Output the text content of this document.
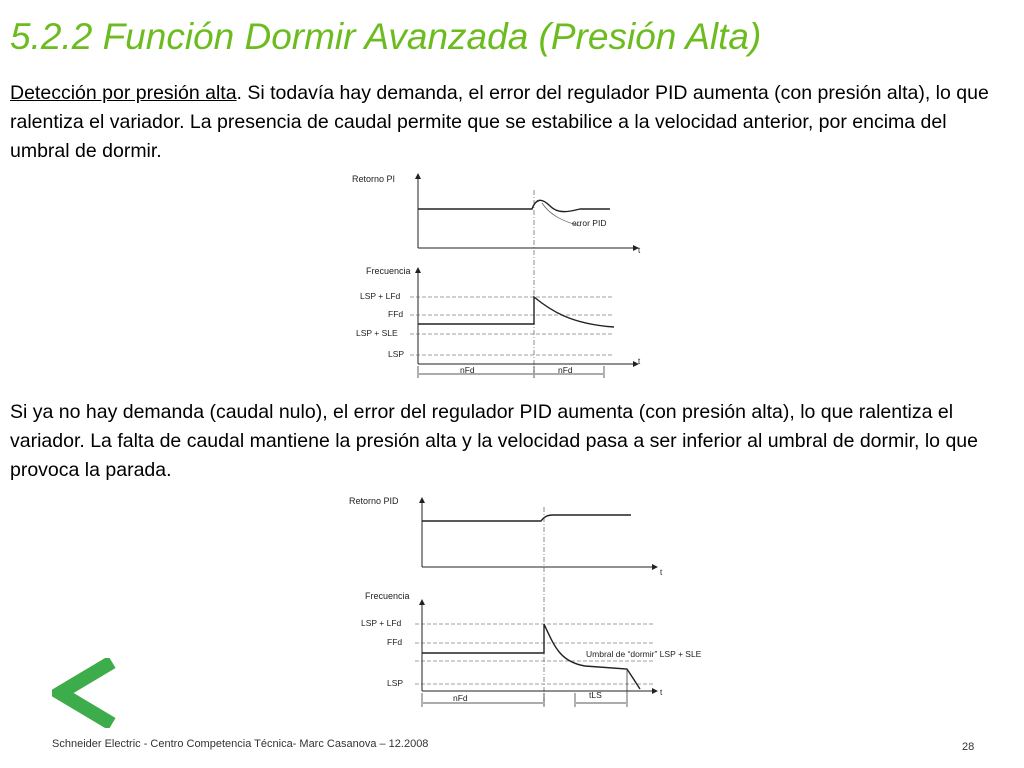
5.2.2 Función Dormir Avanzada (Presión Alta)
Detección por presión alta. Si todavía hay demanda, el error del regulador PID aumenta (con presión alta), lo que ralentiza el variador. La presencia de caudal permite que se estabilice a la velocidad anterior, por encima del umbral de dormir.
Retorno PI
t
error PID
Frecuencia
t
LSP + LFd
FFd
LSP + SLE
LSP
nFd	nFd
Si ya no hay demanda (caudal nulo), el error del regulador PID aumenta (con presión alta), lo que ralentiza el variador. La falta de caudal mantiene la presión alta y la velocidad pasa a ser inferior al umbral de dormir, lo que provoca la parada.
Retorno PID
t
Frecuencia
t
LSP + LFd
FFd
Umbral de “dormir” LSP + SLE
LSP
nFd	tLS
Schneider Electric - Centro Competencia Técnica- Marc Casanova – 12.2008	28
